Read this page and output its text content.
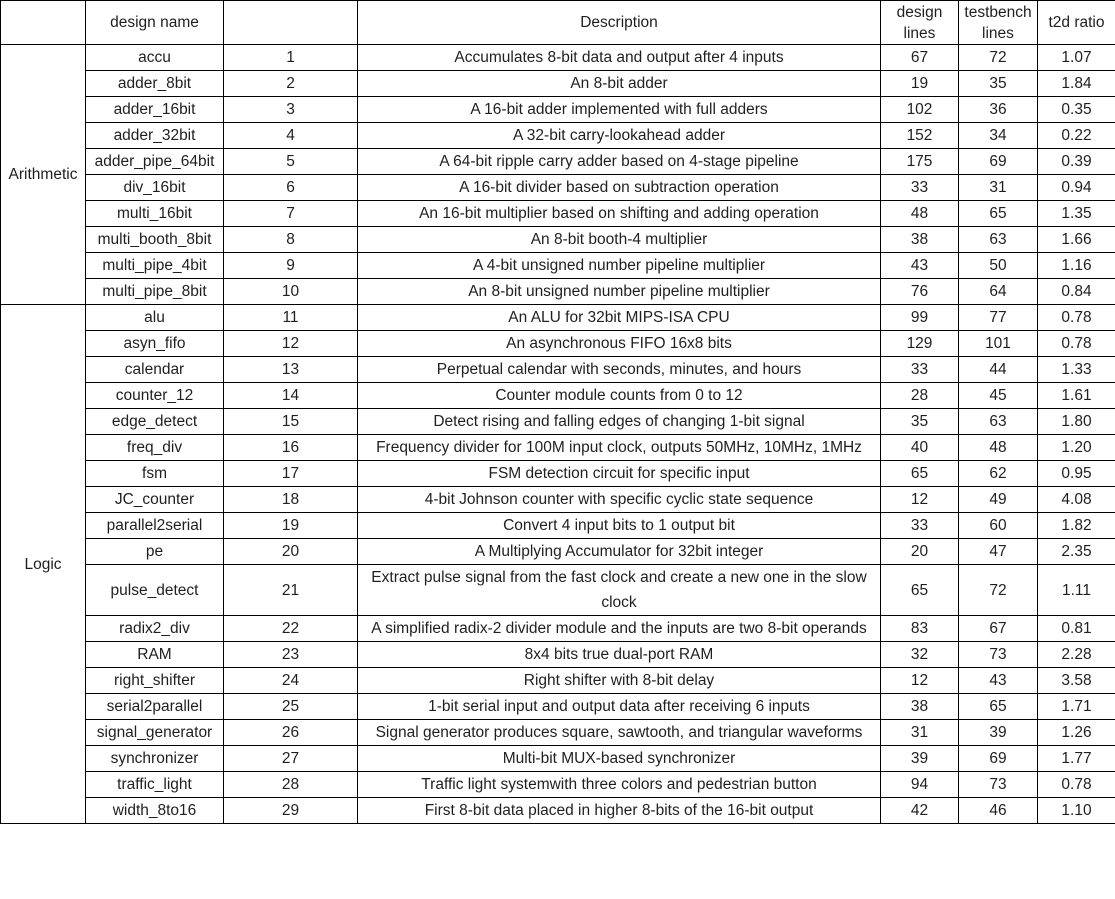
	design name		Description	design lines	testbench lines	t2d ratio
Arithmetic	accu	1	Accumulates 8-bit data and output after 4 inputs	67	72	1.07
	adder_8bit	2	An 8-bit adder	19	35	1.84
	adder_16bit	3	A 16-bit adder implemented with full adders	102	36	0.35
	adder_32bit	4	A 32-bit carry-lookahead adder	152	34	0.22
	adder_pipe_64bit	5	A 64-bit ripple carry adder based on 4-stage pipeline	175	69	0.39
	div_16bit	6	A 16-bit divider based on subtraction operation	33	31	0.94
	multi_16bit	7	An 16-bit multiplier based on shifting and adding operation	48	65	1.35
	multi_booth_8bit	8	An 8-bit booth-4 multiplier	38	63	1.66
	multi_pipe_4bit	9	A 4-bit unsigned number pipeline multiplier	43	50	1.16
	multi_pipe_8bit	10	An 8-bit unsigned number pipeline multiplier	76	64	0.84
Logic	alu	11	An ALU for 32bit MIPS-ISA CPU	99	77	0.78
	asyn_fifo	12	An asynchronous FIFO 16x8 bits	129	101	0.78
	calendar	13	Perpetual calendar with seconds, minutes, and hours	33	44	1.33
	counter_12	14	Counter module counts from 0 to 12	28	45	1.61
	edge_detect	15	Detect rising and falling edges of changing 1-bit signal	35	63	1.80
	freq_div	16	Frequency divider for 100M input clock, outputs 50MHz, 10MHz, 1MHz	40	48	1.20
	fsm	17	FSM detection circuit for specific input	65	62	0.95
	JC_counter	18	4-bit Johnson counter with specific cyclic state sequence	12	49	4.08
	parallel2serial	19	Convert 4 input bits to 1 output bit	33	60	1.82
	pe	20	A Multiplying Accumulator for 32bit integer	20	47	2.35
	pulse_detect	21	Extract pulse signal from the fast clock and create a new one in the slow clock	65	72	1.11
	radix2_div	22	A simplified radix-2 divider module and the inputs are two 8-bit operands	83	67	0.81
	RAM	23	8x4 bits true dual-port RAM	32	73	2.28
	right_shifter	24	Right shifter with 8-bit delay	12	43	3.58
	serial2parallel	25	1-bit serial input and output data after receiving 6 inputs	38	65	1.71
	signal_generator	26	Signal generator produces square, sawtooth, and triangular waveforms	31	39	1.26
	synchronizer	27	Multi-bit MUX-based synchronizer	39	69	1.77
	traffic_light	28	Traffic light systemwith three colors and pedestrian button	94	73	0.78
	width_8to16	29	First 8-bit data placed in higher 8-bits of the 16-bit output	42	46	1.10
